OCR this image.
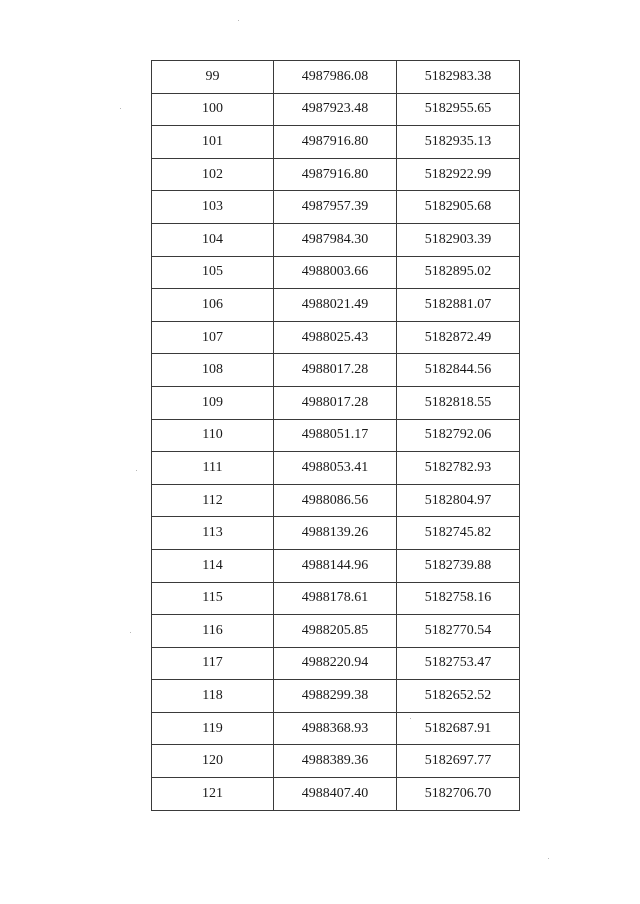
99	4987986.08	5182983.38
100	4987923.48	5182955.65
101	4987916.80	5182935.13
102	4987916.80	5182922.99
103	4987957.39	5182905.68
104	4987984.30	5182903.39
105	4988003.66	5182895.02
106	4988021.49	5182881.07
107	4988025.43	5182872.49
108	4988017.28	5182844.56
109	4988017.28	5182818.55
110	4988051.17	5182792.06
111	4988053.41	5182782.93
112	4988086.56	5182804.97
113	4988139.26	5182745.82
114	4988144.96	5182739.88
115	4988178.61	5182758.16
116	4988205.85	5182770.54
117	4988220.94	5182753.47
118	4988299.38	5182652.52
119	4988368.93	5182687.91
120	4988389.36	5182697.77
121	4988407.40	5182706.70
